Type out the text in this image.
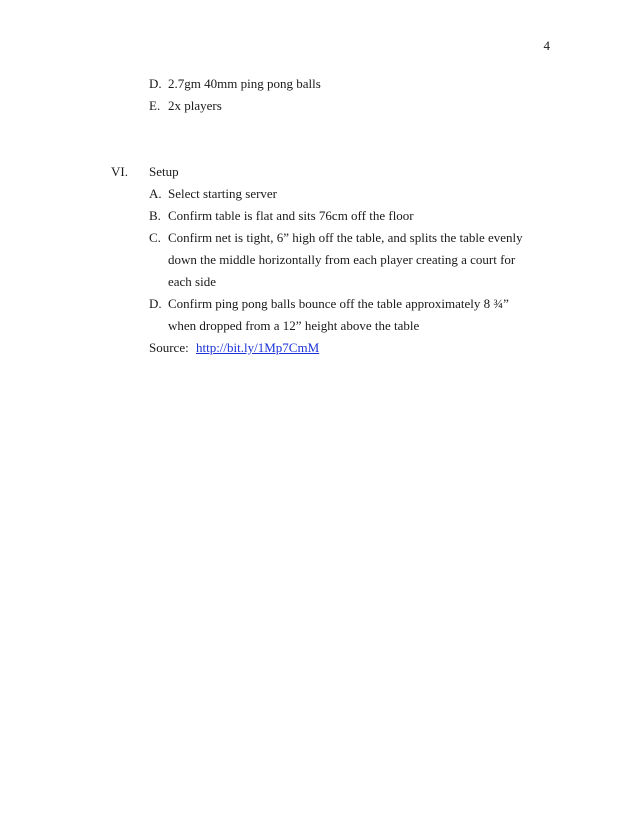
4
D. 2.7gm 40mm ping pong balls
E. 2x players
VI. Setup
A. Select starting server
B. Confirm table is flat and sits 76cm off the floor
C. Confirm net is tight, 6” high off the table, and splits the table evenly
down the middle horizontally from each player creating a court for
each side
D. Confirm ping pong balls bounce off the table approximately 8 ¾”
when dropped from a 12” height above the table
Source: http://bit.ly/1Mp7CmM
